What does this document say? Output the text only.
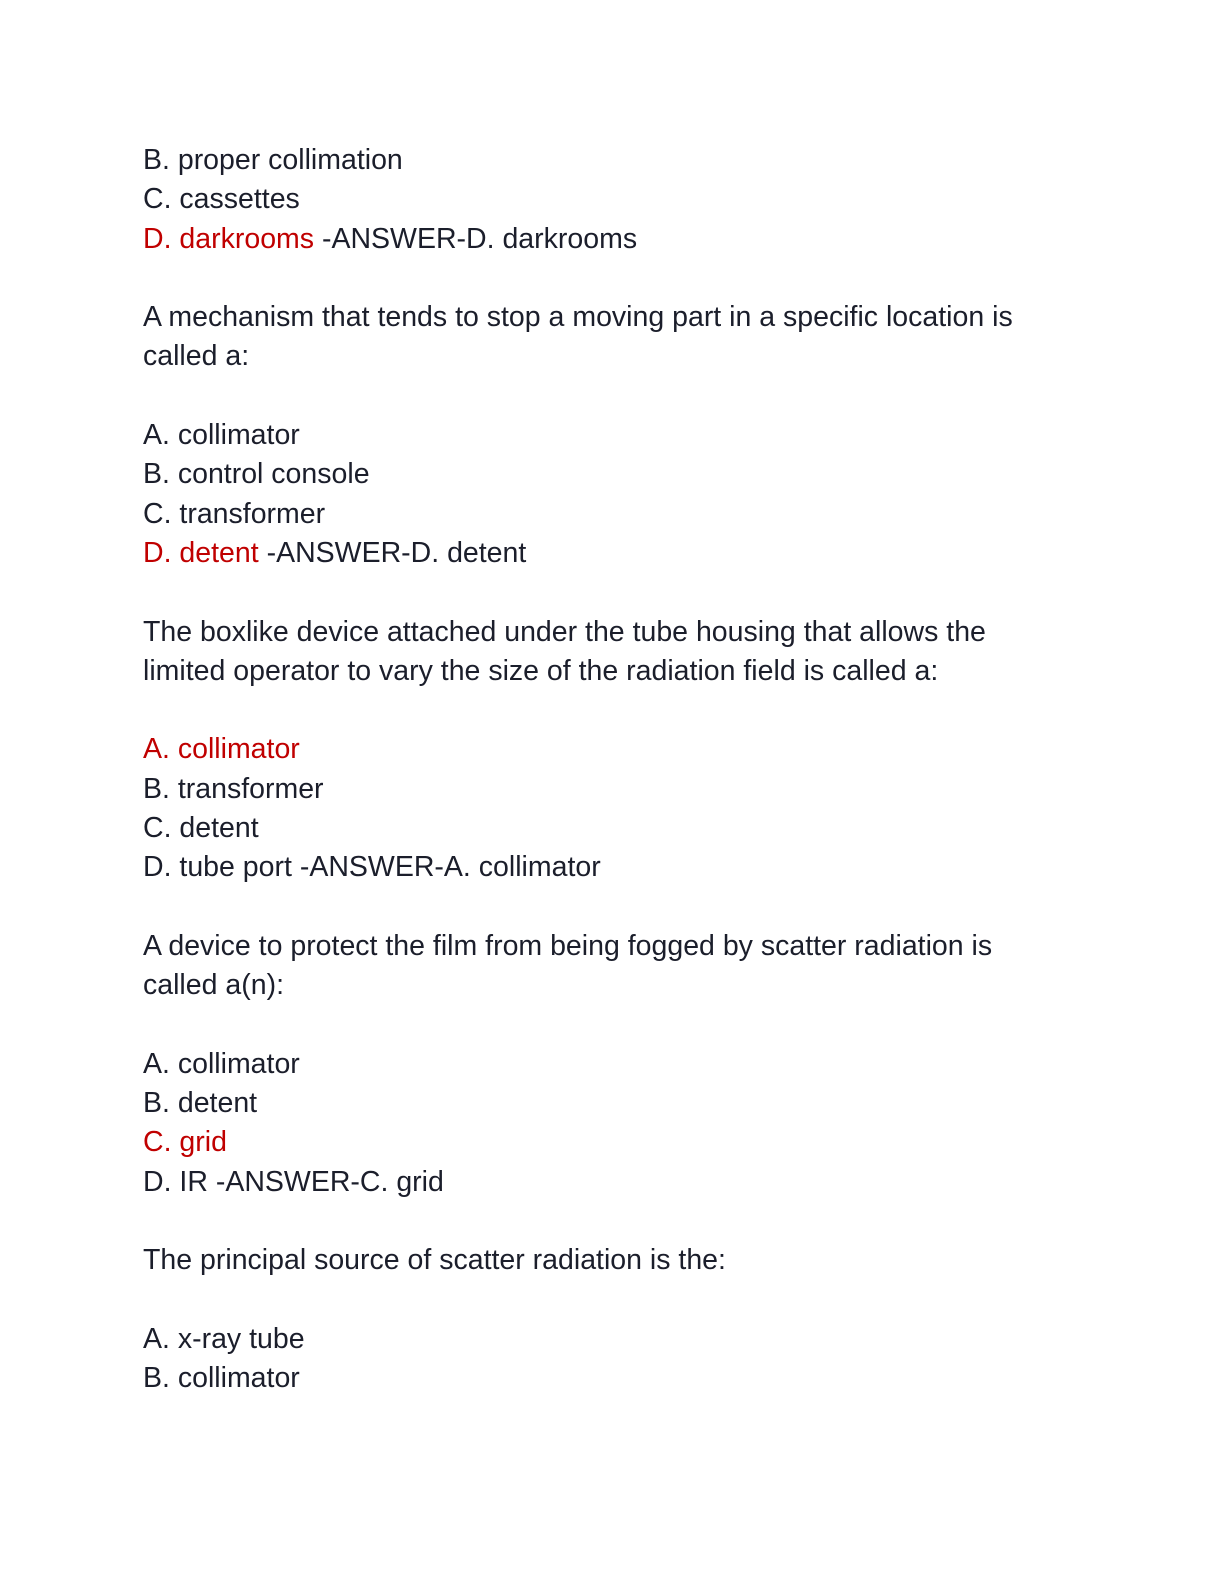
B. proper collimation
C. cassettes
D. darkrooms -ANSWER-D. darkrooms
A mechanism that tends to stop a moving part in a specific location is
called a:
A. collimator
B. control console
C. transformer
D. detent -ANSWER-D. detent
The boxlike device attached under the tube housing that allows the
limited operator to vary the size of the radiation field is called a:
A. collimator
B. transformer
C. detent
D. tube port -ANSWER-A. collimator
A device to protect the film from being fogged by scatter radiation is
called a(n):
A. collimator
B. detent
C. grid
D. IR -ANSWER-C. grid
The principal source of scatter radiation is the:
A. x-ray tube
B. collimator
